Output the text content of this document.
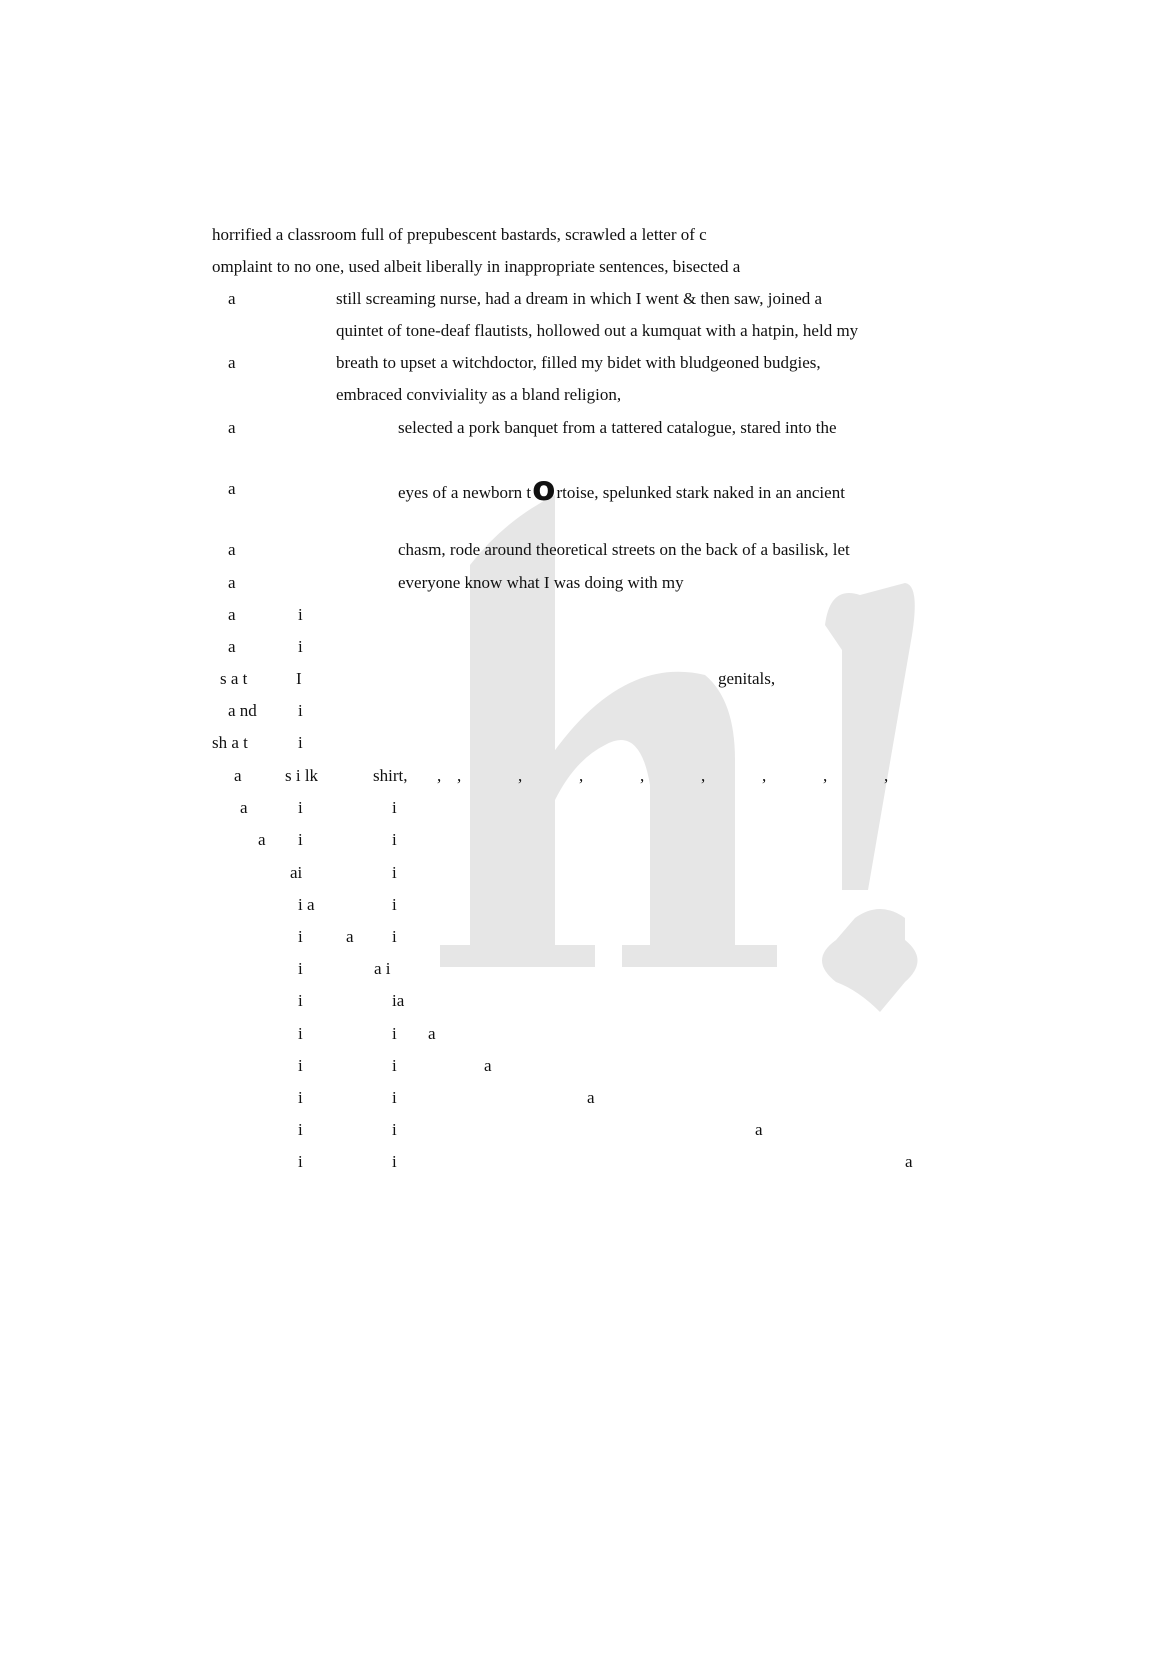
horrified a classroom full of prepubescent bastards, scrawled a letter of c
omplaint to no one, used albeit liberally in inappropriate sentences, bisected a
a	still screaming nurse, had a dream in which I went & then saw, joined a
quintet of tone-deaf flautists, hollowed out a kumquat with a hatpin, held my
a	breath to upset a witchdoctor, filled my bidet with bludgeoned budgies,
embraced conviviality as a bland religion,
a	selected a pork banquet from a tattered catalogue, stared into the
a	eyes of a newborn tortoise, spelunked stark naked in an ancient
a	chasm, rode around theoretical streets on the back of a basilisk, let
a	everyone know what I was doing with my
a	i
a	i
s a t	I	genitals,
a nd i
sh a t	i
a	s i lk	shirt, , ,	,	,	,	,	,	,	,
a	i	i
a i	i
ai	i
i a	i
i	a i
i	a i
i	ia
i	i a
i	i	a
i	i	a
i	i	a
i	i	a
